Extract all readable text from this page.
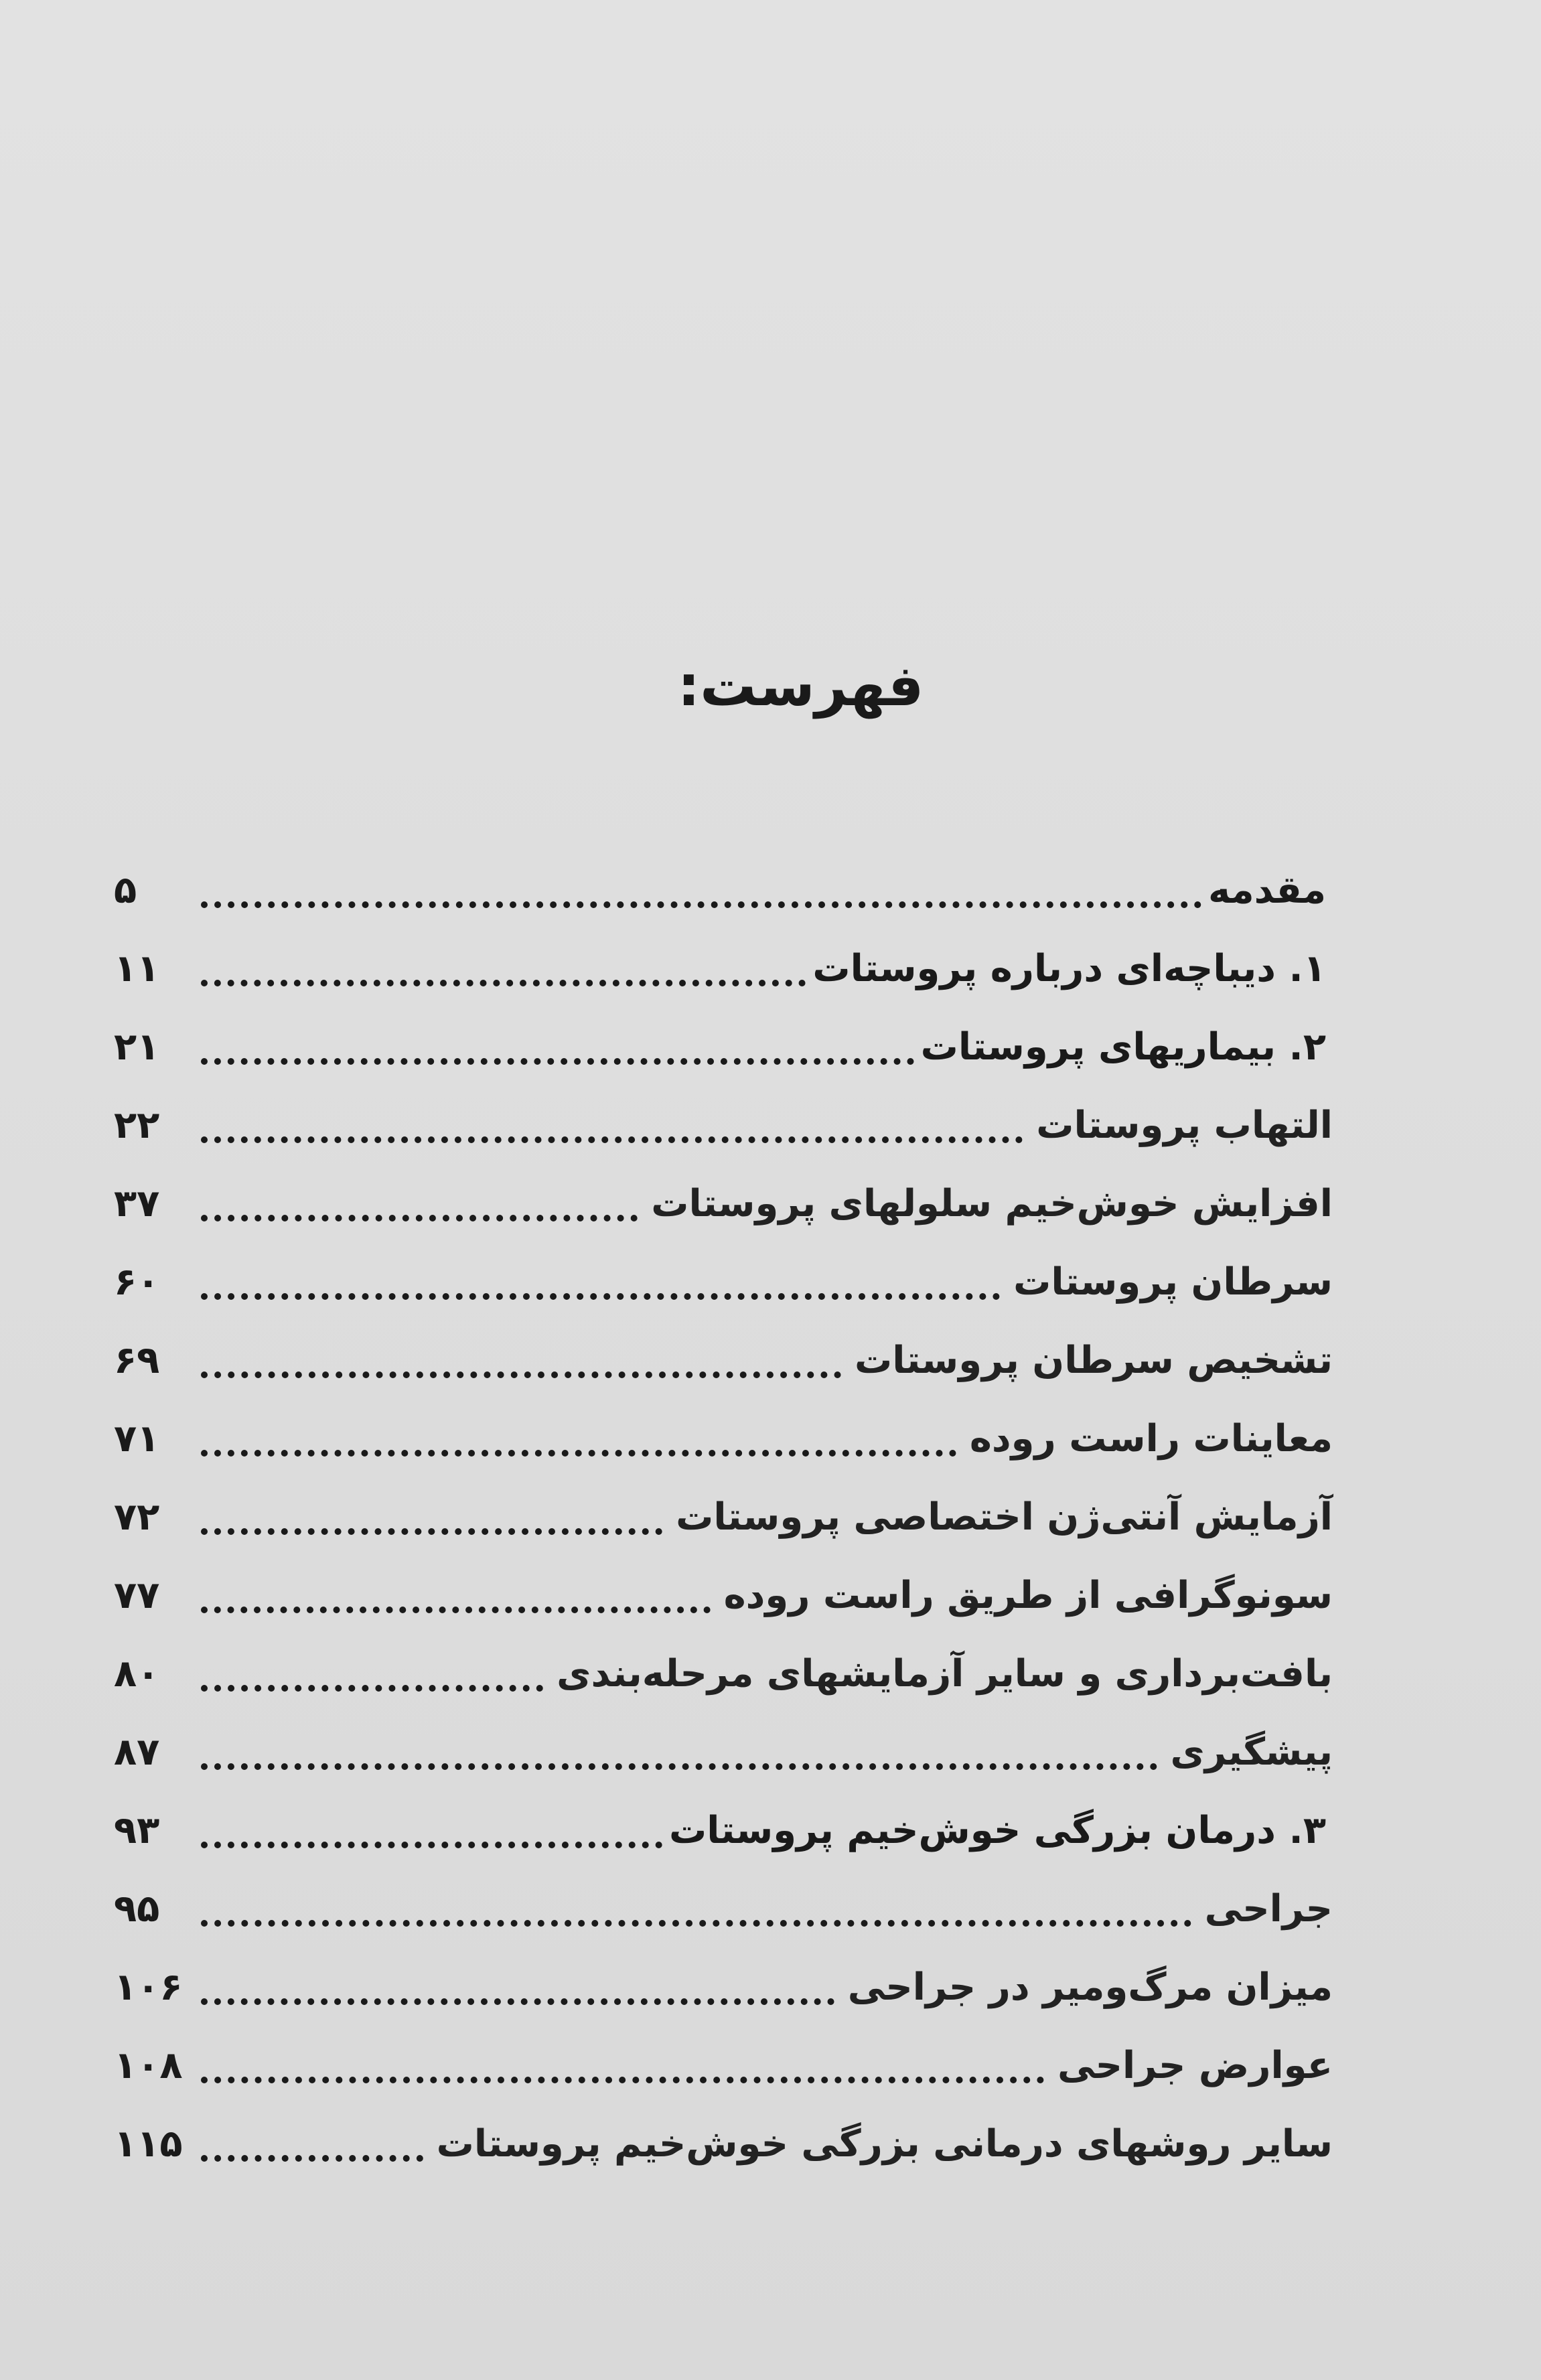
فهرست:
مقدمه
۵
۱. دیباچه‌ای درباره پروستات
۱۱
۲. بیماریهای پروستات
۲۱
التهاب پروستات
۲۲
افزایش خوش‌خیم سلولهای پروستات
۳۷
سرطان پروستات
۶۰
تشخیص سرطان پروستات
۶۹
معاینات راست روده
۷۱
آزمایش آنتی‌ژن اختصاصی پروستات
۷۲
سونوگرافی از طریق راست روده
۷۷
بافت‌برداری و سایر آزمایشهای مرحله‌بندی
۸۰
پیشگیری
۸۷
۳. درمان بزرگی خوش‌خیم پروستات
۹۳
جراحی
۹۵
میزان مرگ‌ومیر در جراحی
۱۰۶
عوارض جراحی
۱۰۸
سایر روشهای درمانی بزرگی خوش‌خیم پروستات
۱۱۵
